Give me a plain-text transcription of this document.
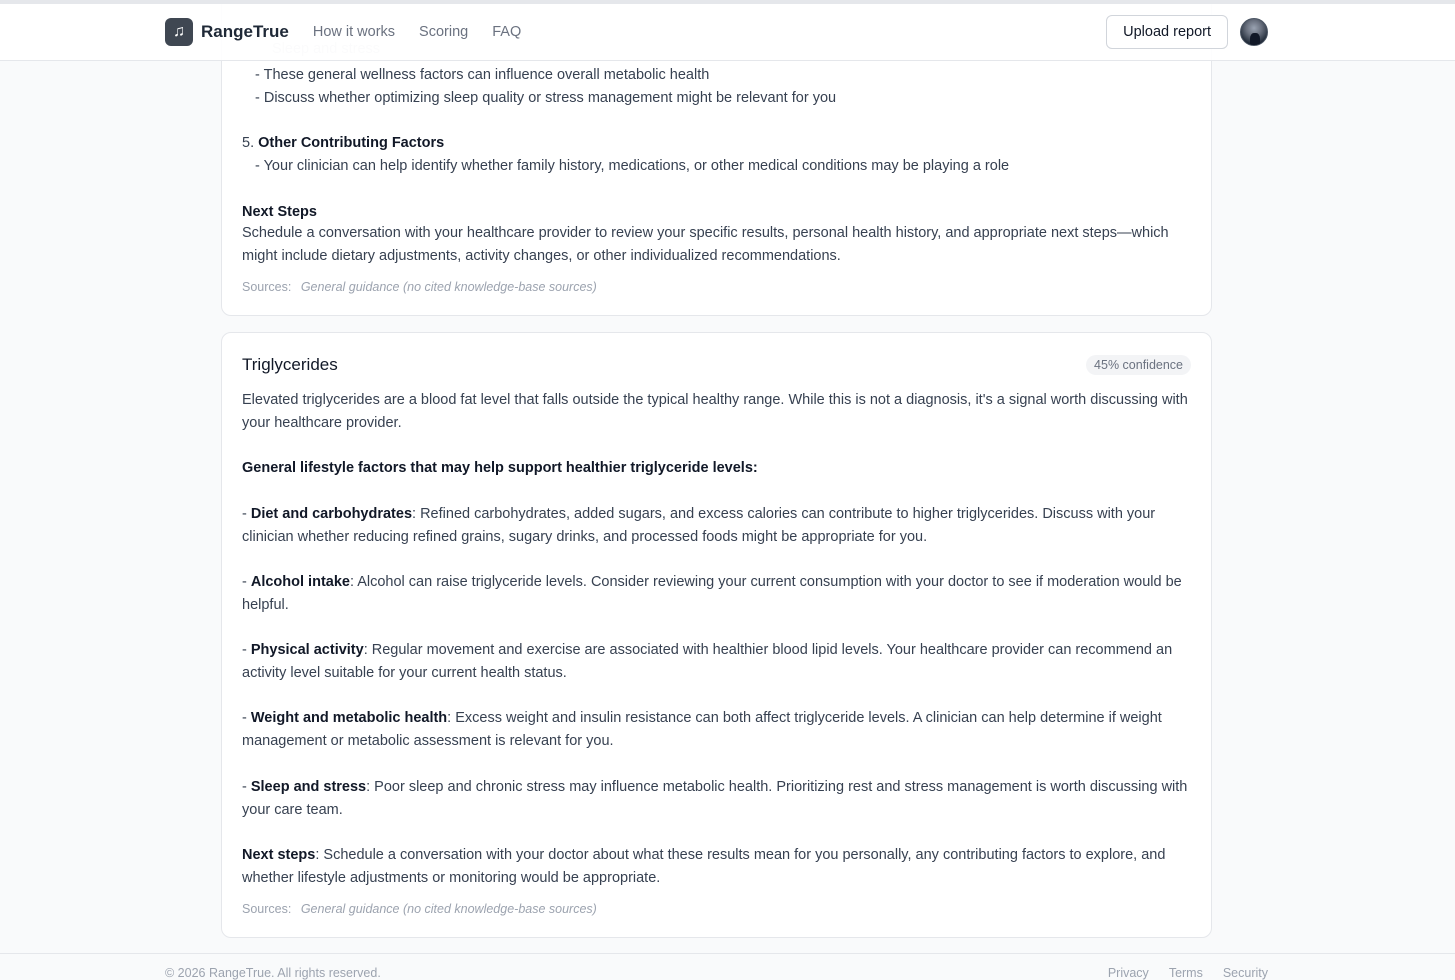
- These general wellness factors can influence overall metabolic health
- Discuss whether optimizing sleep quality or stress management might be relevant for you
5. Other Contributing Factors
- Your clinician can help identify whether family history, medications, or other medical conditions may be playing a role
Next Steps
Schedule a conversation with your healthcare provider to review your specific results, personal health history, and appropriate next steps—which might include dietary adjustments, activity changes, or other individualized recommendations.
Sources: General guidance (no cited knowledge-base sources)
Triglycerides	45% confidence
Elevated triglycerides are a blood fat level that falls outside the typical healthy range. While this is not a diagnosis, it's a signal worth discussing with your healthcare provider.
General lifestyle factors that may help support healthier triglyceride levels:
- Diet and carbohydrates: Refined carbohydrates, added sugars, and excess calories can contribute to higher triglycerides. Discuss with your clinician whether reducing refined grains, sugary drinks, and processed foods might be appropriate for you.
- Alcohol intake: Alcohol can raise triglyceride levels. Consider reviewing your current consumption with your doctor to see if moderation would be helpful.
- Physical activity: Regular movement and exercise are associated with healthier blood lipid levels. Your healthcare provider can recommend an activity level suitable for your current health status.
- Weight and metabolic health: Excess weight and insulin resistance can both affect triglyceride levels. A clinician can help determine if weight management or metabolic assessment is relevant for you.
- Sleep and stress: Poor sleep and chronic stress may influence metabolic health. Prioritizing rest and stress management is worth discussing with your care team.
Next steps: Schedule a conversation with your doctor about what these results mean for you personally, any contributing factors to explore, and whether lifestyle adjustments or monitoring would be appropriate.
Sources: General guidance (no cited knowledge-base sources)
♫ RangeTrue How it works Scoring FAQ	Upload report
© 2026 RangeTrue. All rights reserved.	Privacy Terms Security
